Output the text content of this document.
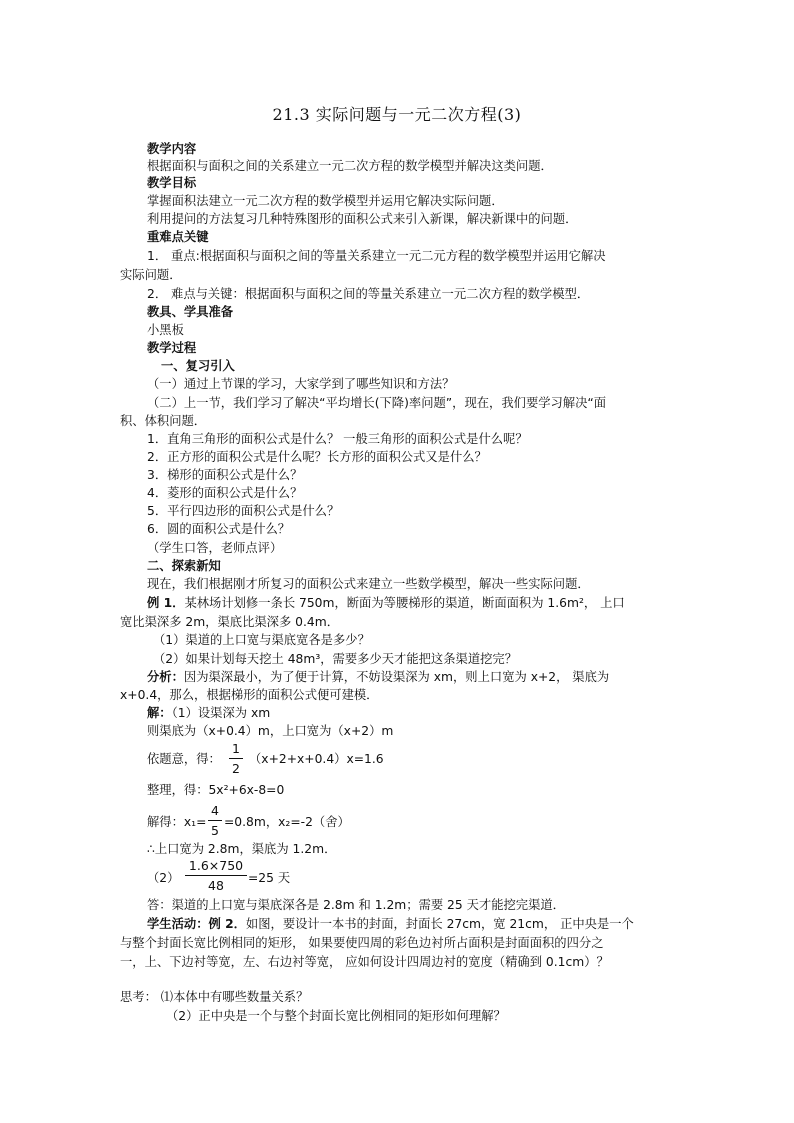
21.3 实际问题与一元二次方程(3)
教学内容
根据面积与面积之间的关系建立一元二次方程的数学模型并解决这类问题．
教学目标
掌握面积法建立一元二次方程的数学模型并运用它解决实际问题．
利用提问的方法复习几种特殊图形的面积公式来引入新课，解决新课中的问题．
重难点关键
1． 重点:根据面积与面积之间的等量关系建立一元二元方程的数学模型并运用它解决
实际问题．
2． 难点与关键：根据面积与面积之间的等量关系建立一元二次方程的数学模型．
教具、学具准备
小黑板
教学过程
一、复习引入
（一）通过上节课的学习，大家学到了哪些知识和方法？
（二）上一节，我们学习了解决“平均增长(下降)率问题”，现在，我们要学习解决“面
积、体积问题．
1．直角三角形的面积公式是什么？ 一般三角形的面积公式是什么呢？
2．正方形的面积公式是什么呢？长方形的面积公式又是什么？
3．梯形的面积公式是什么？
4．菱形的面积公式是什么？
5．平行四边形的面积公式是什么？
6．圆的面积公式是什么？
（学生口答，老师点评）
二、探索新知
现在，我们根据刚才所复习的面积公式来建立一些数学模型，解决一些实际问题．
例 1．某林场计划修一条长 750m，断面为等腰梯形的渠道，断面面积为 1.6m²， 上口
宽比渠深多 2m，渠底比渠深多 0.4m．
（1）渠道的上口宽与渠底宽各是多少？
（2）如果计划每天挖土 48m³，需要多少天才能把这条渠道挖完？
分析：因为渠深最小，为了便于计算，不妨设渠深为 xm，则上口宽为 x+2， 渠底为
x+0.4，那么，根据梯形的面积公式便可建模．
解：（1）设渠深为 xm
则渠底为（x+0.4）m，上口宽为（x+2）m
依题意，得：
1
2
（x+2+x+0.4）x=1.6
整理，得：5x²+6x-8=0
解得：x₁=
4
5
=0.8m，x₂=-2（舍）
∴上口宽为 2.8m，渠底为 1.2m．
（2）
1.6×750
48	=25 天
答：渠道的上口宽与渠底深各是 2.8m 和 1.2m；需要 25 天才能挖完渠道．
学生活动：例 2．如图，要设计一本书的封面，封面长 27cm，宽 21cm， 正中央是一个
与整个封面长宽比例相同的矩形， 如果要使四周的彩色边衬所占面积是封面面积的四分之
一，上、下边衬等宽，左、右边衬等宽， 应如何设计四周边衬的宽度（精确到 0.1cm）？
思考： ⑴本体中有哪些数量关系？
（2）正中央是一个与整个封面长宽比例相同的矩形如何理解？
